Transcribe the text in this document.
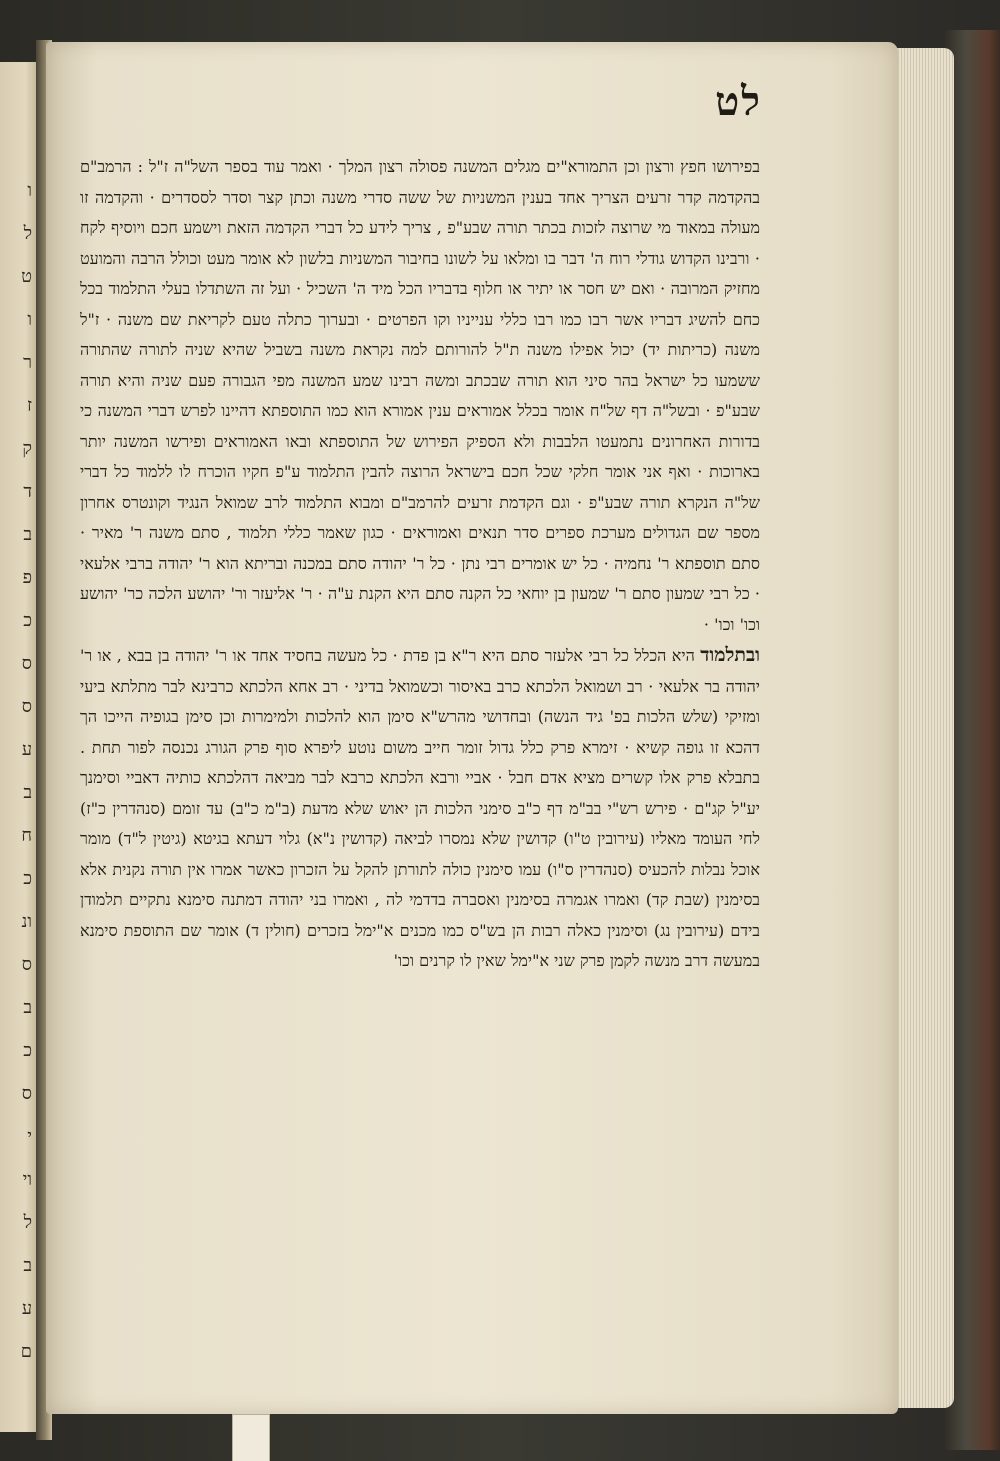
ו
ל
ט
ו
ר
ז
ק
ד
ב
פ
כ
ס
ס
ע
ב
ח
כ
ונ
ס
ב
כ
ס
י
וי
ל
ב
ע
ם
לט

בפירושו חפץ ורצון וכן התמורא"ים מגלים המשנה פסולה רצון המלך · ואמר עוד בספר השל"ה ז"ל : הרמב"ם בהקדמה קדר זרעים הצריך אחד בענין המשניות של ששה סדרי משנה וכתן קצר וסדר לססדרים · והקדמה זו מעולה במאוד מי שרוצה לזכות בכתר תורה שבע"פ , צריך לידע כל דברי הקדמה הזאת וישמע חכם ויוסיף לקח · ורבינו הקדוש גודלי רוח ה' דבר בו ומלאו על לשונו בחיבור המשניות בלשון לא אומר מעט וכולל הרבה והמועט מחזיק המרובה · ואם יש חסר או יתיר או חלוף בדבריו הכל מיד ה' השכיל · ועל זה השתדלו בעלי התלמוד בכל כחם להשיג דבריו אשר רבו כמו רבו כללי ענייניו וקו הפרטים · ובערוך כתלה טעם לקריאת שם משנה · ז"ל משנה (כריתות יד) יכול אפילו משנה ת"ל להורותם למה נקראת משנה בשביל שהיא שניה לתורה שהתורה ששמעו כל ישראל בהר סיני הוא תורה שבכתב ומשה רבינו שמע המשנה מפי הגבורה פעם שניה והיא תורה שבע"פ · ובשל"ה דף של"ח אומר בכלל אמוראים ענין אמורא הוא כמו התוספתא דהיינו לפרש דברי המשנה כי בדורות האחרונים נתמעטו הלבבות ולא הספיק הפירוש של התוספתא ובאו האמוראים ופירשו המשנה יותר בארוכות · ואף אני אומר חלקי שכל חכם בישראל הרוצה להבין התלמוד ע"פ חקיו הוכרח לו ללמוד כל דברי של"ה הנקרא תורה שבע"פ · וגם הקדמת זרעים להרמב"ם ומבוא התלמוד לרב שמואל הנגיד וקונטרס אחרון מספר שם הגדולים מערכת ספרים סדר תנאים ואמוראים · כגון שאמר כללי תלמוד , סתם משנה ר' מאיר · סתם תוספתא ר' נחמיה · כל יש אומרים רבי נתן · כל ר' יהודה סתם במכנה ובריתא הוא ר' יהודה ברבי אלעאי · כל רבי שמעון סתם ר' שמעון בן יוחאי כל הקנה סתם היא הקנת ע"ה · ר' אליעזר ור' יהושע הלכה כר' יהושע וכו' וכו' ·

ובתלמוד היא הכלל כל רבי אלעזר סתם היא ר"א בן פדת · כל מעשה בחסיד אחד או ר' יהודה בן בבא , או ר' יהודה בר אלעאי · רב ושמואל הלכתא כרב באיסור וכשמואל בדיני · רב אחא הלכתא כרבינא לבר מתלתא ביעי ומזיקי (שלש הלכות בפ' גיד הנשה) ובחדושי מהרש"א סימן הוא להלכות ולמימרות וכן סימן בגופיה הייכו הך דהכא זו גופה קשיא · זימרא פרק כלל גדול זומר חייב משום נוטע ליפרא סוף פרק הגורג נכנסה לפור תחת . בתבלא פרק אלו קשרים מציא אדם חבל · אביי ורבא הלכתא כרבא לבר מביאה דהלכתא כותיה דאביי וסימנך יע"ל קג"ם · פירש רש"י בב"מ דף כ"ב סימני הלכות הן יאוש שלא מדעת (ב"מ כ"ב) עד זומם (סנהדרין כ"ז) לחי העומד מאליו (עירובין ט"ו) קדושין שלא נמסרו לביאה (קדושין נ"א) גלוי דעתא בגיטא (גיטין ל"ד) מומר אוכל נבלות להכעיס (סנהדרין ס"ו) עמו סימנין כולה לתורתן להקל על הזכרון כאשר אמרו אין תורה נקנית אלא בסימנין (שבת קד) ואמרו אגמרה בסימנין ואסברה בדדמי לה , ואמרו בני יהודה דמתנה סימנא נתקיים תלמודן בידם (עירובין נג) וסימנין כאלה רבות הן בש"ס כמו מכנים א"ימל בזכרים (חולין ד) אומר שם התוספת סימנא במעשה דרב מנשה לקמן פרק שני א"ימל שאין לו קרנים וכו'
